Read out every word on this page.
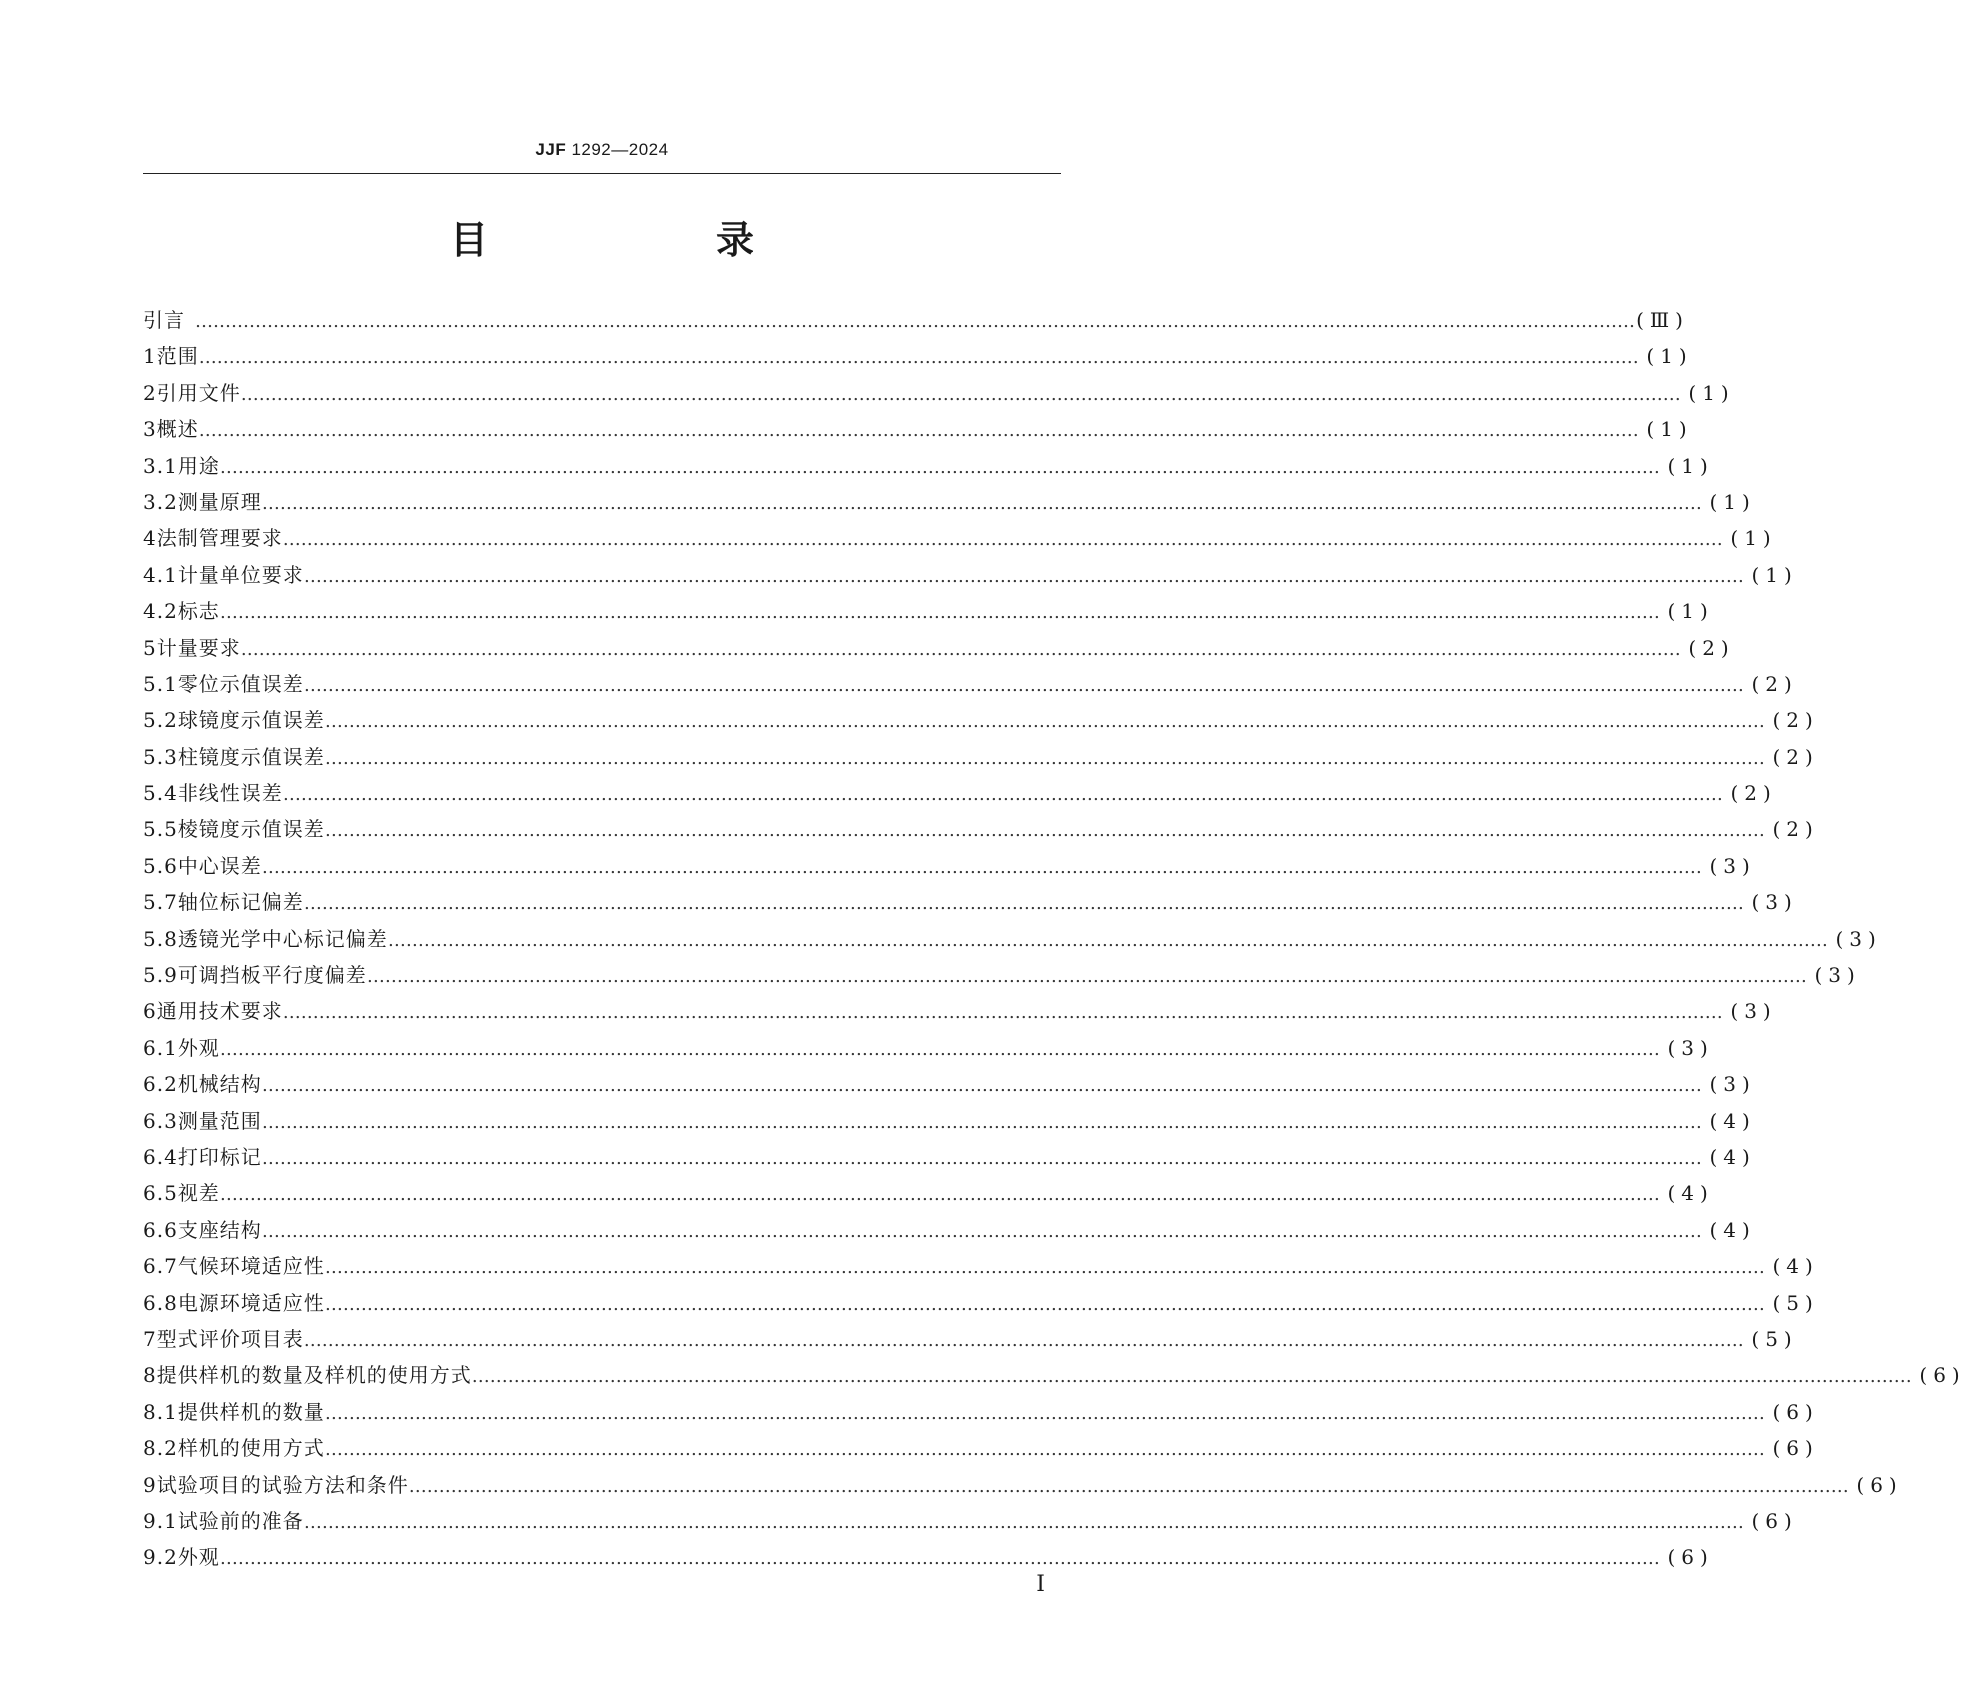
JJF 1292—2024
目　录
引言 …………………………………………………………………………………………………………………………………………………………………………………………………………………… (Ⅲ)
1 范围 …………………………………………………………………………………………………………………………………………………………………………………………………………………… (1)
2 引用文件 …………………………………………………………………………………………………………………………………………………………………………………………………………………… (1)
3 概述 …………………………………………………………………………………………………………………………………………………………………………………………………………………… (1)
3.1 用途 …………………………………………………………………………………………………………………………………………………………………………………………………………………… (1)
3.2 测量原理 …………………………………………………………………………………………………………………………………………………………………………………………………………………… (1)
4 法制管理要求 …………………………………………………………………………………………………………………………………………………………………………………………………………………… (1)
4.1 计量单位要求 …………………………………………………………………………………………………………………………………………………………………………………………………………………… (1)
4.2 标志 …………………………………………………………………………………………………………………………………………………………………………………………………………………… (1)
5 计量要求 …………………………………………………………………………………………………………………………………………………………………………………………………………………… (2)
5.1 零位示值误差 …………………………………………………………………………………………………………………………………………………………………………………………………………………… (2)
5.2 球镜度示值误差 …………………………………………………………………………………………………………………………………………………………………………………………………………………… (2)
5.3 柱镜度示值误差 …………………………………………………………………………………………………………………………………………………………………………………………………………………… (2)
5.4 非线性误差 …………………………………………………………………………………………………………………………………………………………………………………………………………………… (2)
5.5 棱镜度示值误差 …………………………………………………………………………………………………………………………………………………………………………………………………………………… (2)
5.6 中心误差 …………………………………………………………………………………………………………………………………………………………………………………………………………………… (3)
5.7 轴位标记偏差 …………………………………………………………………………………………………………………………………………………………………………………………………………………… (3)
5.8 透镜光学中心标记偏差 …………………………………………………………………………………………………………………………………………………………………………………………………………………… (3)
5.9 可调挡板平行度偏差 …………………………………………………………………………………………………………………………………………………………………………………………………………………… (3)
6 通用技术要求 …………………………………………………………………………………………………………………………………………………………………………………………………………………… (3)
6.1 外观 …………………………………………………………………………………………………………………………………………………………………………………………………………………… (3)
6.2 机械结构 …………………………………………………………………………………………………………………………………………………………………………………………………………………… (3)
6.3 测量范围 …………………………………………………………………………………………………………………………………………………………………………………………………………………… (4)
6.4 打印标记 …………………………………………………………………………………………………………………………………………………………………………………………………………………… (4)
6.5 视差 …………………………………………………………………………………………………………………………………………………………………………………………………………………… (4)
6.6 支座结构 …………………………………………………………………………………………………………………………………………………………………………………………………………………… (4)
6.7 气候环境适应性 …………………………………………………………………………………………………………………………………………………………………………………………………………………… (4)
6.8 电源环境适应性 …………………………………………………………………………………………………………………………………………………………………………………………………………………… (5)
7 型式评价项目表 …………………………………………………………………………………………………………………………………………………………………………………………………………………… (5)
8 提供样机的数量及样机的使用方式 …………………………………………………………………………………………………………………………………………………………………………………………………………………… (6)
8.1 提供样机的数量 …………………………………………………………………………………………………………………………………………………………………………………………………………………… (6)
8.2 样机的使用方式 …………………………………………………………………………………………………………………………………………………………………………………………………………………… (6)
9 试验项目的试验方法和条件 …………………………………………………………………………………………………………………………………………………………………………………………………………………… (6)
9.1 试验前的准备 …………………………………………………………………………………………………………………………………………………………………………………………………………………… (6)
9.2 外观 …………………………………………………………………………………………………………………………………………………………………………………………………………………… (6)
Ⅰ
